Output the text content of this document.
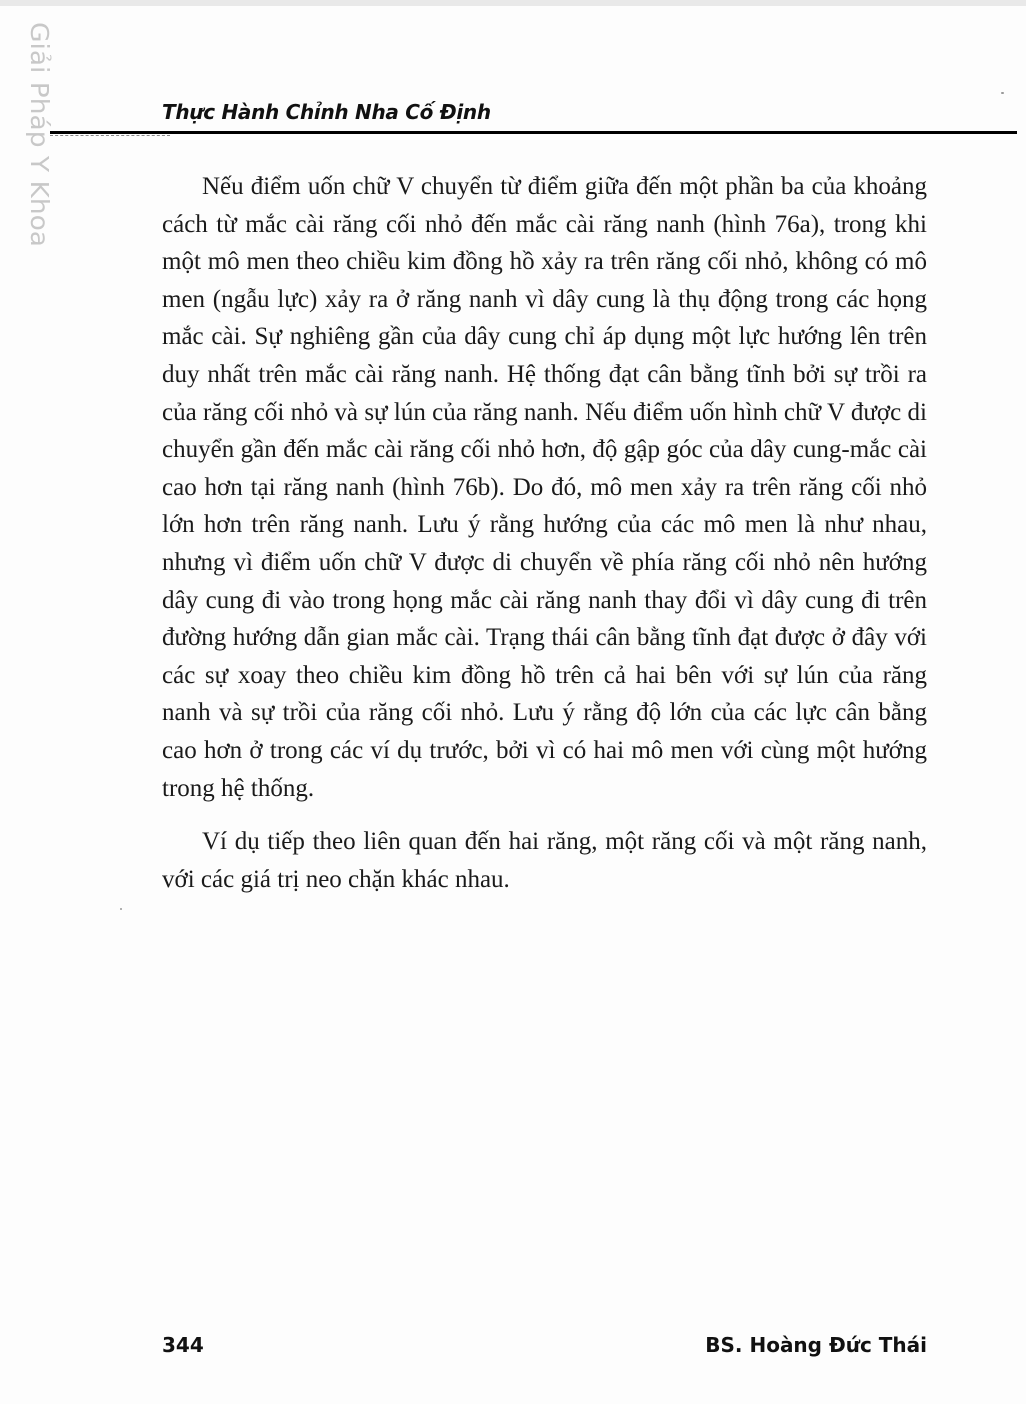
Giải Pháp Y Khoa	Thực Hành Chỉnh Nha Cố Định

Nếu điểm uốn chữ V chuyển từ điểm giữa đến một phần ba của khoảng cách từ mắc cài răng cối nhỏ đến mắc cài răng nanh (hình 76a), trong khi một mô men theo chiều kim đồng hồ xảy ra trên răng cối nhỏ, không có mô men (ngẫu lực) xảy ra ở răng nanh vì dây cung là thụ động trong các họng mắc cài. Sự nghiêng gần của dây cung chỉ áp dụng một lực hướng lên trên duy nhất trên mắc cài răng nanh. Hệ thống đạt cân bằng tĩnh bởi sự trồi ra của răng cối nhỏ và sự lún của răng nanh. Nếu điểm uốn hình chữ V được di chuyển gần đến mắc cài răng cối nhỏ hơn, độ gập góc của dây cung-mắc cài cao hơn tại răng nanh (hình 76b). Do đó, mô men xảy ra trên răng cối nhỏ lớn hơn trên răng nanh. Lưu ý rằng hướng của các mô men là như nhau, nhưng vì điểm uốn chữ V được di chuyển về phía răng cối nhỏ nên hướng dây cung đi vào trong họng mắc cài răng nanh thay đổi vì dây cung đi trên đường hướng dẫn gian mắc cài. Trạng thái cân bằng tĩnh đạt được ở đây với các sự xoay theo chiều kim đồng hồ trên cả hai bên với sự lún của răng nanh và sự trồi của răng cối nhỏ. Lưu ý rằng độ lớn của các lực cân bằng cao hơn ở trong các ví dụ trước, bởi vì có hai mô men với cùng một hướng trong hệ thống.

Ví dụ tiếp theo liên quan đến hai răng, một răng cối và một răng nanh, với các giá trị neo chặn khác nhau.

344	BS. Hoàng Đức Thái
